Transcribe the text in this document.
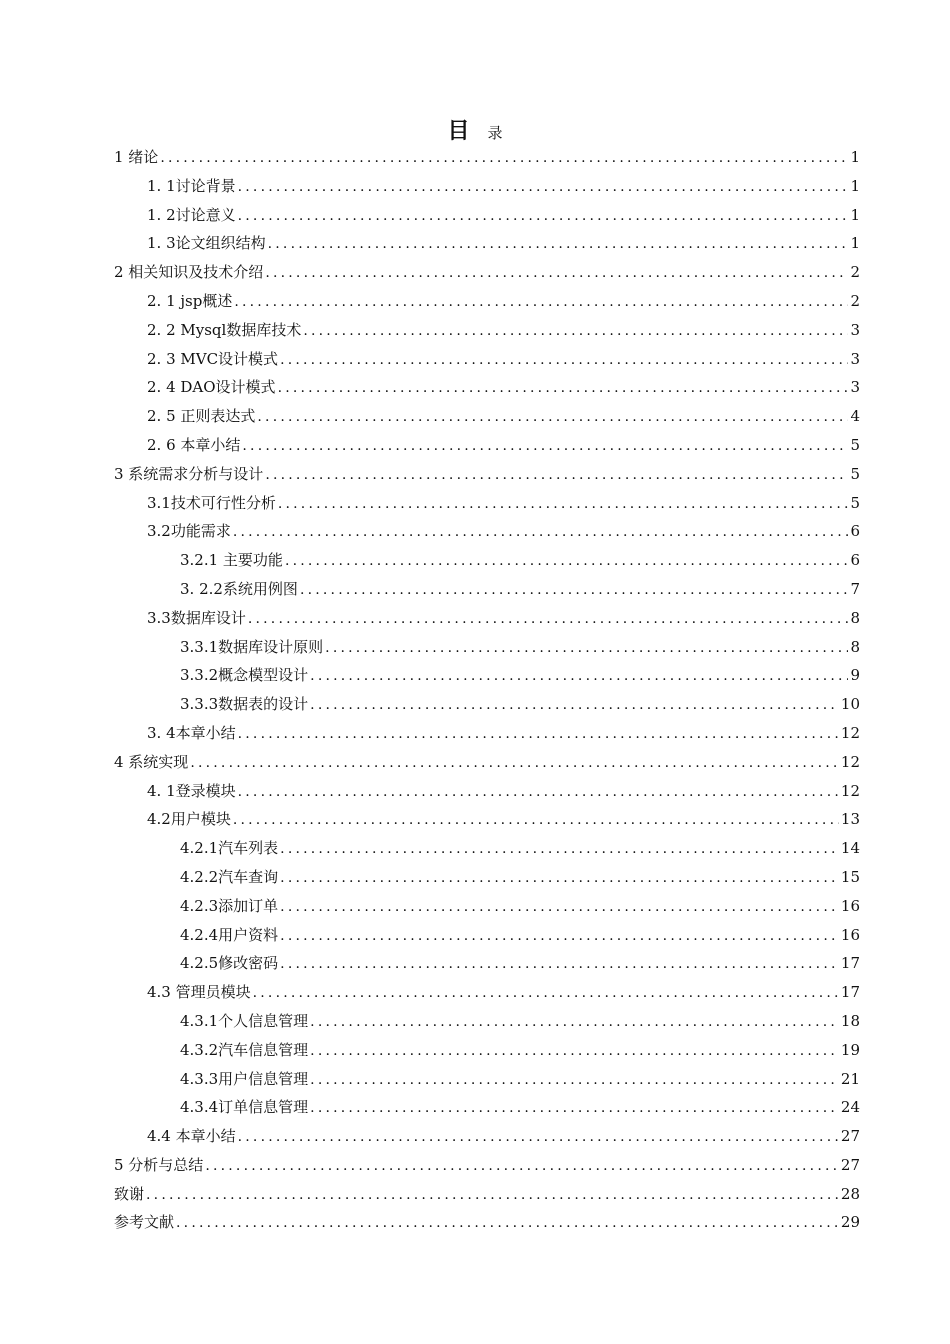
目 录
1 绪论 .....	1
1. 1讨论背景 .....	1
1. 2讨论意义 .....	1
1. 3论文组织结构 .....	1
2 相关知识及技术介绍 .....	2
2. 1 jsp概述 .....	2
2. 2 Mysql数据库技术 .....	3
2. 3 MVC设计模式 .....	3
2. 4 DAO设计模式 .....	3
2. 5 正则表达式 .....	4
2. 6 本章小结 .....	5
3 系统需求分析与设计 .....	5
3.1技术可行性分析 .....	5
3.2功能需求 .....	6
3.2.1 主要功能 .....	6
3. 2.2系统用例图 .....	7
3.3数据库设计 .....	8
3.3.1数据库设计原则 .....	8
3.3.2概念模型设计 .....	9
3.3.3数据表的设计 .....	10
3. 4本章小结 .....	12
4 系统实现 .....	12
4. 1登录模块 .....	12
4.2用户模块 .....	13
4.2.1汽车列表 .....	14
4.2.2汽车查询 .....	15
4.2.3添加订单 .....	16
4.2.4用户资料 .....	16
4.2.5修改密码 .....	17
4.3 管理员模块 .....	17
4.3.1个人信息管理 .....	18
4.3.2汽车信息管理 .....	19
4.3.3用户信息管理 .....	21
4.3.4订单信息管理 .....	24
4.4 本章小结 .....	27
5 分析与总结 .....	27
致谢 .....	28
参考文献 .....	29
